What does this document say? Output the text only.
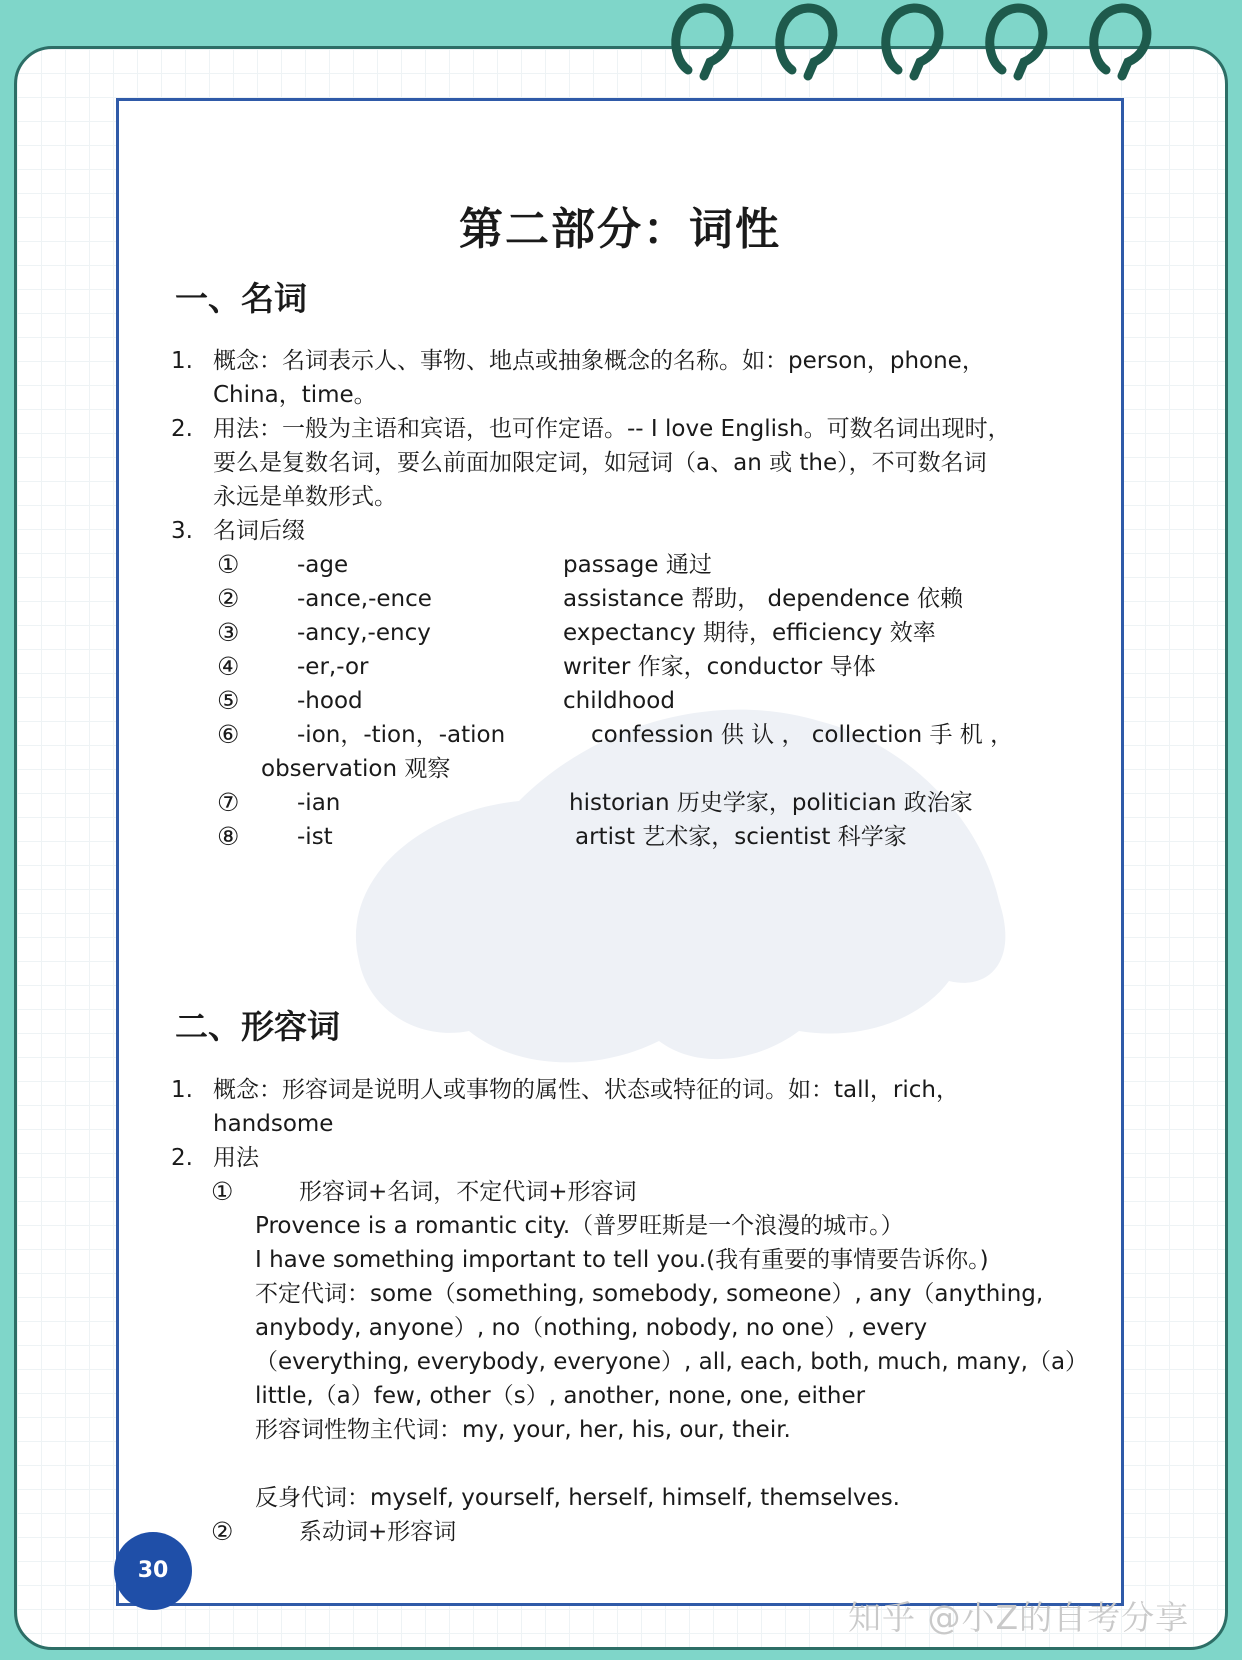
第二部分：词性
一、名词
1. 概念：名词表示人、事物、地点或抽象概念的名称。如：person，phone，
China，time。
2. 用法：一般为主语和宾语，也可作定语。-- I love English。可数名词出现时，
要么是复数名词，要么前面加限定词，如冠词（a、an 或 the），不可数名词
永远是单数形式。
3. 名词后缀
①	-age	passage 通过
②	-ance,-ence	assistance 帮助， dependence 依赖
③	-ancy,-ency	expectancy 期待，efficiency 效率
④	-er,-or	writer 作家，conductor 导体
⑤	-hood	childhood
⑥	-ion，-tion，-ation	confession 供 认 ， collection 手 机 ，
observation 观察
⑦	-ian	historian 历史学家，politician 政治家
⑧	-ist	artist 艺术家，scientist 科学家
二、形容词
1. 概念：形容词是说明人或事物的属性、状态或特征的词。如：tall，rich，
handsome
2. 用法
①	形容词+名词，不定代词+形容词
Provence is a romantic city.（普罗旺斯是一个浪漫的城市。）
I have something important to tell you.(我有重要的事情要告诉你。)
不定代词：some（something, somebody, someone）, any（anything,
anybody, anyone）, no（nothing, nobody, no one）, every
（everything, everybody, everyone）, all, each, both, much, many,（a）
little,（a）few, other（s）, another, none, one, either
形容词性物主代词：my, your, her, his, our, their.
反身代词：myself, yourself, herself, himself, themselves.
②	系动词+形容词
30
知乎 @小Z的自考分享
